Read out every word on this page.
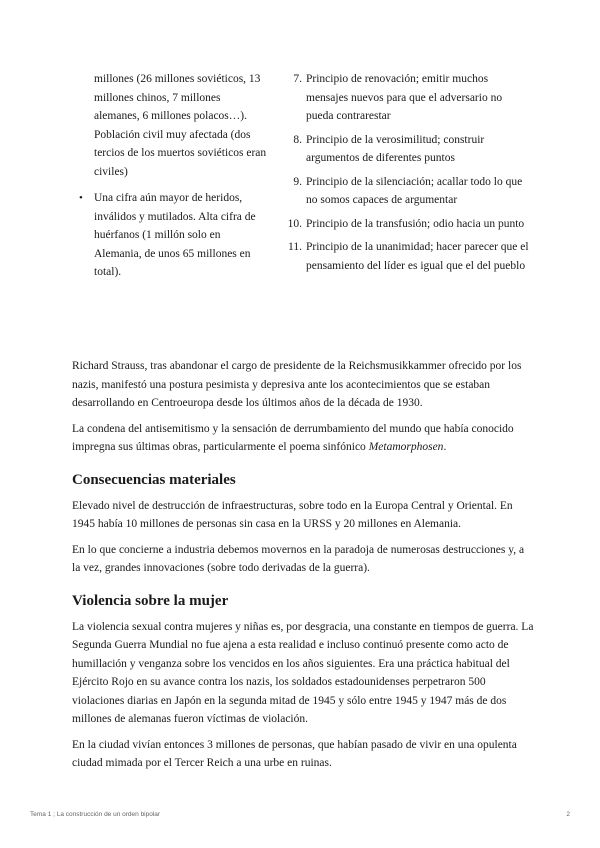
millones (26 millones soviéticos, 13 millones chinos, 7 millones alemanes, 6 millones polacos…). Población civil muy afectada (dos tercios de los muertos soviéticos eran civiles)

• Una cifra aún mayor de heridos, inválidos y mutilados. Alta cifra de huérfanos (1 millón solo en Alemania, de unos 65 millones en total).
7. Principio de renovación; emitir muchos mensajes nuevos para que el adversario no pueda contrarestar
8. Principio de la verosimilitud; construir argumentos de diferentes puntos
9. Principio de la silenciación; acallar todo lo que no somos capaces de argumentar
10. Principio de la transfusión; odio hacia un punto
11. Principio de la unanimidad; hacer parecer que el pensamiento del líder es igual que el del pueblo

Richard Strauss, tras abandonar el cargo de presidente de la Reichsmusikkammer ofrecido por los nazis, manifestó una postura pesimista y depresiva ante los acontecimientos que se estaban desarrollando en Centroeuropa desde los últimos años de la década de 1930.

La condena del antisemitismo y la sensación de derrumbamiento del mundo que había conocido impregna sus últimas obras, particularmente el poema sinfónico Metamorphosen.

Consecuencias materiales

Elevado nivel de destrucción de infraestructuras, sobre todo en la Europa Central y Oriental. En 1945 había 10 millones de personas sin casa en la URSS y 20 millones en Alemania.

En lo que concierne a industria debemos movernos en la paradoja de numerosas destrucciones y, a la vez, grandes innovaciones (sobre todo derivadas de la guerra).

Violencia sobre la mujer

La violencia sexual contra mujeres y niñas es, por desgracia, una constante en tiempos de guerra. La Segunda Guerra Mundial no fue ajena a esta realidad e incluso continuó presente como acto de humillación y venganza sobre los vencidos en los años siguientes. Era una práctica habitual del Ejército Rojo en su avance contra los nazis, los soldados estadounidenses perpetraron 500 violaciones diarias en Japón en la segunda mitad de 1945 y sólo entre 1945 y 1947 más de dos millones de alemanas fueron víctimas de violación.

En la ciudad vivían entonces 3 millones de personas, que habían pasado de vivir en una opulenta ciudad mimada por el Tercer Reich a una urbe en ruinas.

Tema 1 ; La construcción de un orden bipolar	2
